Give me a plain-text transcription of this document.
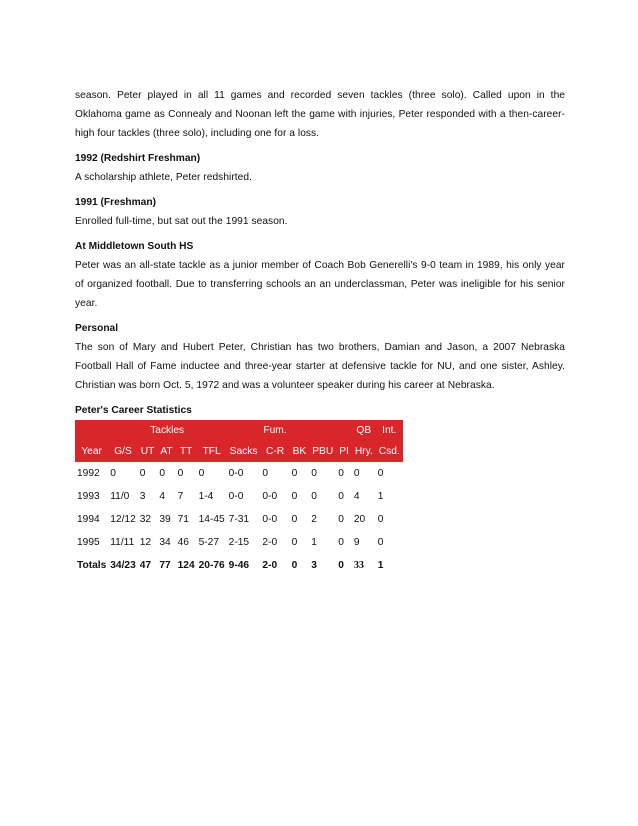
season. Peter played in all 11 games and recorded seven tackles (three solo). Called upon in the Oklahoma game as Connealy and Noonan left the game with injuries, Peter responded with a then-career-high four tackles (three solo), including one for a loss.

1992 (Redshirt Freshman)

A scholarship athlete, Peter redshirted.

1991 (Freshman)

Enrolled full-time, but sat out the 1991 season.

At Middletown South HS

Peter was an all-state tackle as a junior member of Coach Bob Generelli's 9-0 team in 1989, his only year of organized football. Due to transferring schools an an underclassman, Peter was ineligible for his senior year.

Personal

The son of Mary and Hubert Peter, Christian has two brothers, Damian and Jason, a 2007 Nebraska Football Hall of Fame inductee and three-year starter at defensive tackle for NU, and one sister, Ashley. Christian was born Oct. 5, 1972 and was a volunteer speaker during his career at Nebraska.

Peter's Career Statistics
		Tackles					Fum.				QB	Int.
Year	G/S	UT	AT	TT	TFL	Sacks	C-R	BK	PBU	PI	Hry.	Csd.
1992	0	0	0	0	0	0-0	0	0	0	0	0	0
1993	11/0	3	4	7	1-4	0-0	0-0	0	0	0	4	1
1994	12/12	32	39	71	14-45	7-31	0-0	0	2	0	20	0
1995	11/11	12	34	46	5-27	2-15	2-0	0	1	0	9	0
Totals	34/23	47	77	124	20-76	9-46	2-0	0	3	0	33	1
